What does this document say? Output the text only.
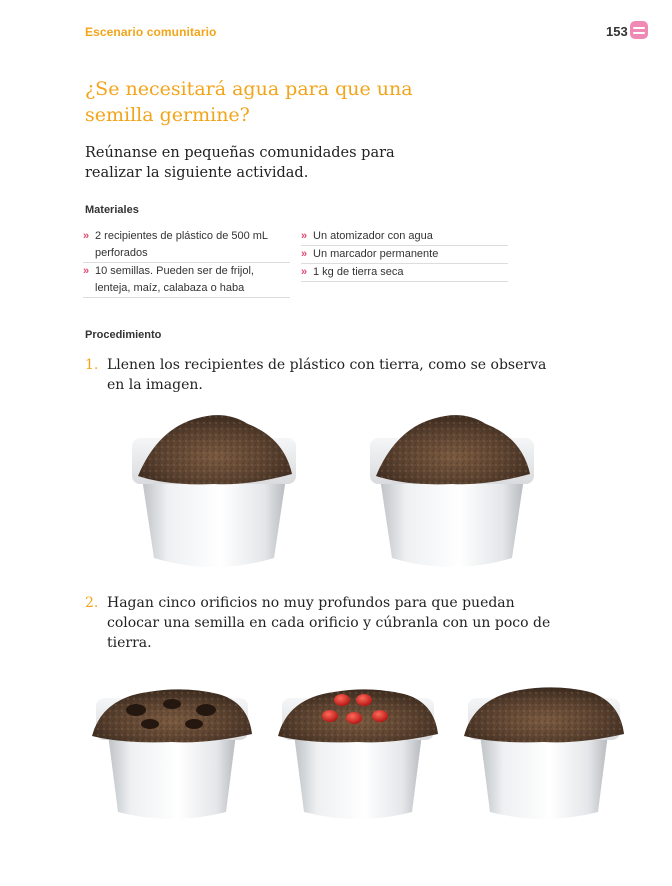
Escenario comunitario	153
¿Se necesitará agua para que una semilla germine?

Reúnanse en pequeñas comunidades para realizar la siguiente actividad.

Materiales
» 2 recipientes de plástico de 500 mL perforados
» 10 semillas. Pueden ser de frijol, lenteja, maíz, calabaza o haba
» Un atomizador con agua
» Un marcador permanente
» 1 kg de tierra seca
Procedimiento
1. Llenen los recipientes de plástico con tierra, como se observa en la imagen.
2. Hagan cinco orificios no muy profundos para que puedan colocar una semilla en cada orificio y cúbranla con un poco de tierra.
